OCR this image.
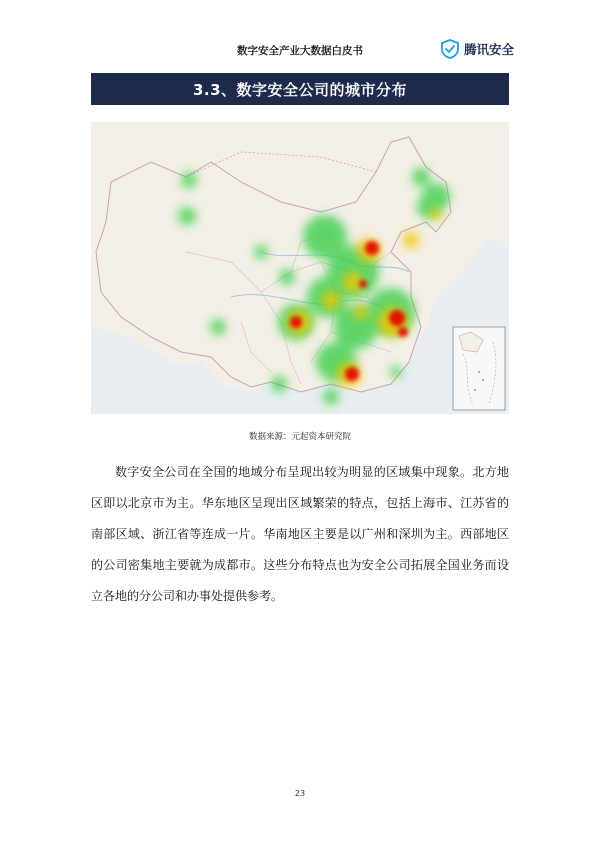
数字安全产业大数据白皮书	腾讯安全
3.3、数字安全公司的城市分布
数据来源：元起资本研究院

数字安全公司在全国的地域分布呈现出较为明显的区域集中现象。北方地区即以北京市为主。华东地区呈现出区域繁荣的特点，包括上海市、江苏省的南部区域、浙江省等连成一片。华南地区主要是以广州和深圳为主。西部地区的公司密集地主要就为成都市。这些分布特点也为安全公司拓展全国业务而设立各地的分公司和办事处提供参考。

23
